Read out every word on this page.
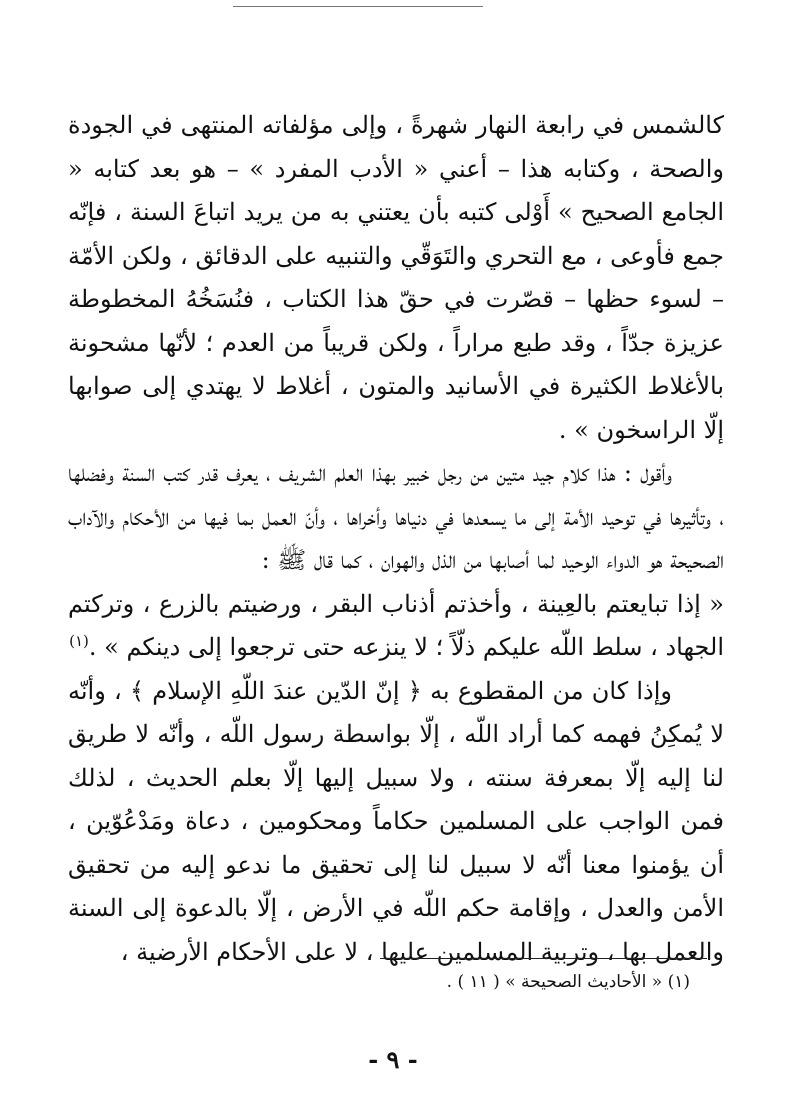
كالشمس في رابعة النهار شهرةً ، وإلى مؤلفاته المنتهى في الجودة والصحة ، وكتابه هذا – أعني « الأدب المفرد » – هو بعد كتابه « الجامع الصحيح » أَوْلى كتبه بأن يعتني به من يريد اتباعَ السنة ، فإنّه جمع فأوعى ، مع التحري والتَوَقّي والتنبيه على الدقائق ، ولكن الأمّة – لسوء حظها – قصّرت في حقّ هذا الكتاب ، فنُسَخُهُ المخطوطة عزيزة جدّاً ، وقد طبع مراراً ، ولكن قريباً من العدم ؛ لأنّها مشحونة بالأغلاط الكثيرة في الأسانيد والمتون ، أغلاط لا يهتدي إلى صوابها إلّا الراسخون » .

وأقول : هذا كلام جيد متين من رجل خبير بهذا العلم الشريف ، يعرف قدر كتب السنة وفضلها ، وتأثيرها في توحيد الأمة إلى ما يسعدها في دنياها وأخراها ، وأنّ العمل بما فيها من الأحكام والآداب الصحيحة هو الدواء الوحيد لما أصابها من الذل والهوان ، كما قال ﷺ :

« إذا تبايعتم بالعِينة ، وأخذتم أذناب البقر ، ورضيتم بالزرع ، وتركتم الجهاد ، سلط اللّه عليكم ذلّاً ؛ لا ينزعه حتى ترجعوا إلى دينكم » .$^{(١)}$

وإذا كان من المقطوع به ﴿ إنّ الدّين عندَ اللّهِ الإسلام ﴾ ، وأنّه لا يُمكِنُ فهمه كما أراد اللّه ، إلّا بواسطة رسول اللّه ، وأنّه لا طريق لنا إليه إلّا بمعرفة سنته ، ولا سبيل إليها إلّا بعلم الحديث ، لذلك فمن الواجب على المسلمين حكاماً ومحكومين ، دعاة ومَدْعُوّين ، أن يؤمنوا معنا أنّه لا سبيل لنا إلى تحقيق ما ندعو إليه من تحقيق الأمن والعدل ، وإقامة حكم اللّه في الأرض ، إلّا بالدعوة إلى السنة والعمل بها ، وتربية المسلمين عليها ، لا على الأحكام الأرضية ،

(١) « الأحاديث الصحيحة » ( ١١ ) .
- ٩ -
